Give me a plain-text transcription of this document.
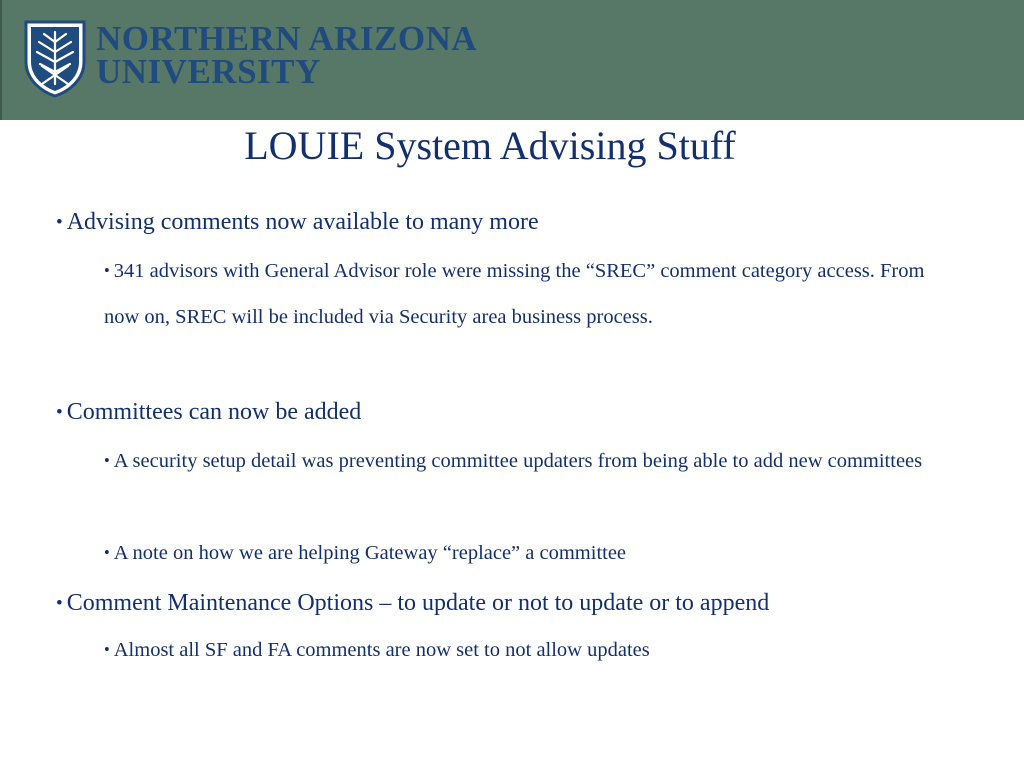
NORTHERN ARIZONA
UNIVERSITY
LOUIE System Advising Stuff
• Advising comments now available to many more
• 341 advisors with General Advisor role were missing the “SREC” comment category access. From now on, SREC will be included via Security area business process.
• Committees can now be added
• A security setup detail was preventing committee updaters from being able to add new committees
• A note on how we are helping Gateway “replace” a committee
• Comment Maintenance Options – to update or not to update or to append
• Almost all SF and FA comments are now set to not allow updates
